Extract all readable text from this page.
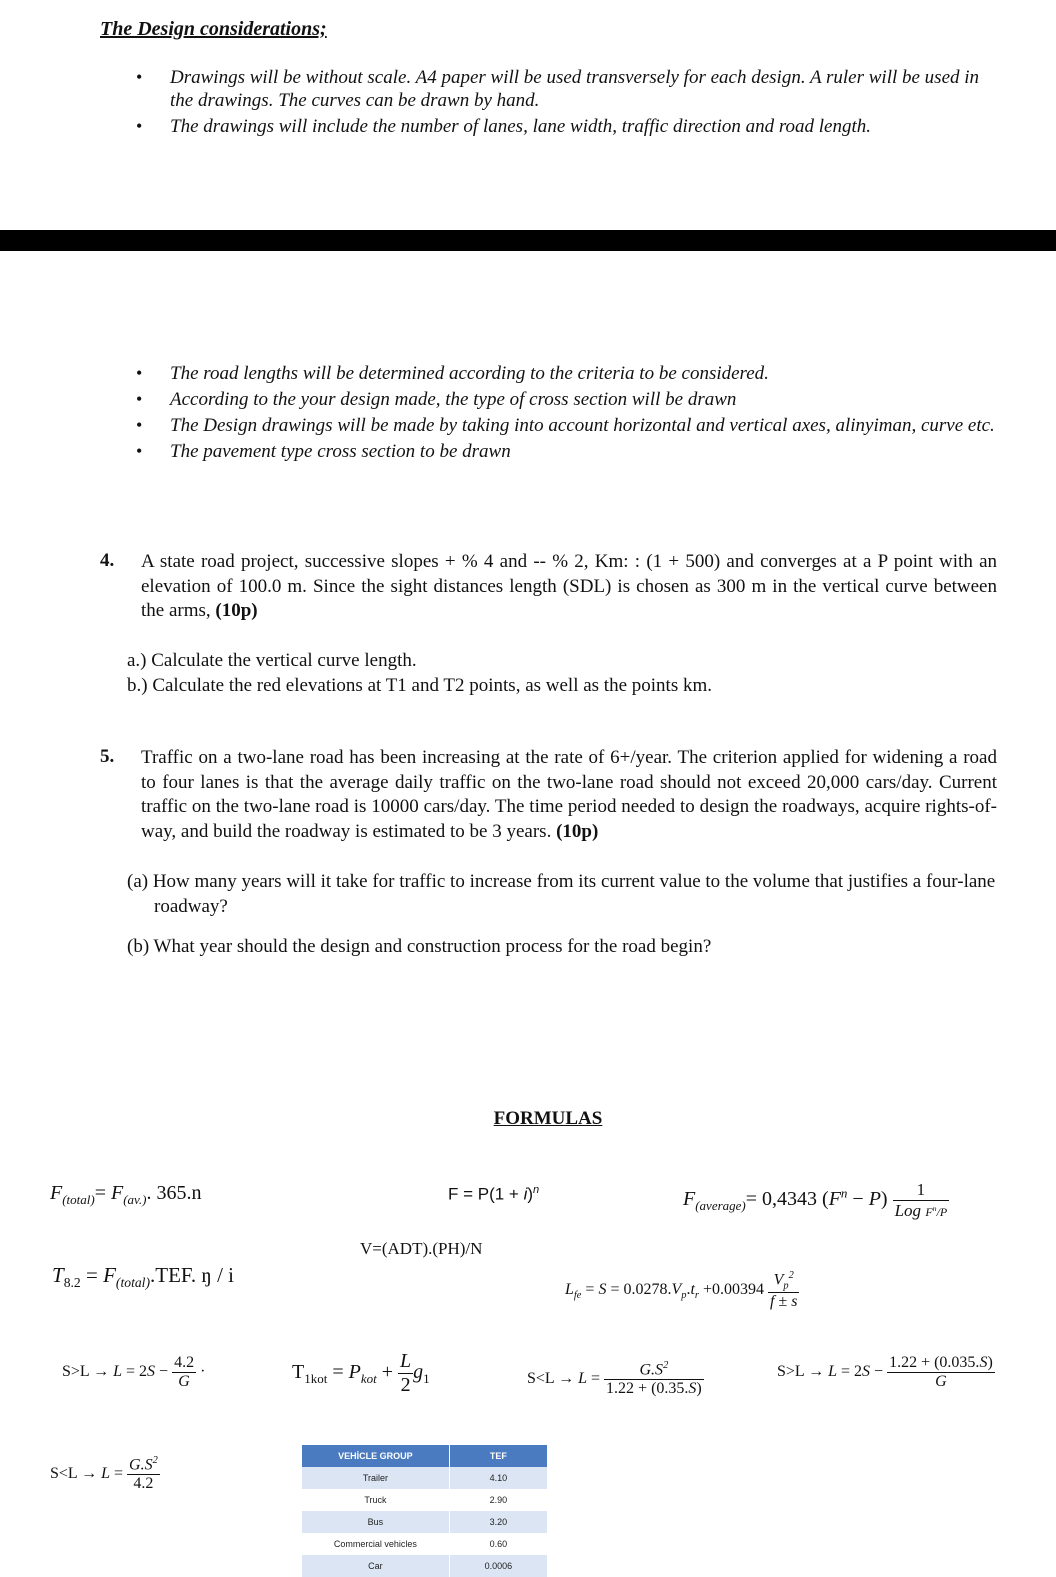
The Design considerations;
• Drawings will be without scale. A4 paper will be used transversely for each design. A ruler will be used in the drawings. The curves can be drawn by hand.
• The drawings will include the number of lanes, lane width, traffic direction and road length.
• The road lengths will be determined according to the criteria to be considered.
• According to the your design made, the type of cross section will be drawn
• The Design drawings will be made by taking into account horizontal and vertical axes, alinyiman, curve etc.
• The pavement type cross section to be drawn
4. A state road project, successive slopes + % 4 and -- % 2, Km: : (1 + 500) and converges at a P point with an elevation of 100.0 m. Since the sight distances length (SDL) is chosen as 300 m in the vertical curve between the arms, (10p)
a.) Calculate the vertical curve length.
b.) Calculate the red elevations at T1 and T2 points, as well as the points km.
5. Traffic on a two-lane road has been increasing at the rate of 6+/year. The criterion applied for widening a road to four lanes is that the average daily traffic on the two-lane road should not exceed 20,000 cars/day. Current traffic on the two-lane road is 10000 cars/day. The time period needed to design the roadways, acquire rights-of-way, and build the roadway is estimated to be 3 years. (10p)
(a) How many years will it take for traffic to increase from its current value to the volume that justifies a four-lane roadway?
(b) What year should the design and construction process for the road begin?
FORMULAS
$F_{(total)}= F_{(av.)}$. 365.n	$F = P(1 + i)^n$	$F_{(average)}= 0,4343$ $(F^n - P) \frac{1}{Log F^n/P}$
V=(ADT).(PH)/N
$T_{8.2} = F_{(total)}.TEF$. ŋ / i
$L_{fe} = S = 0.0278.V_p.t_r +0.00394 \frac{V_p^2}{f \pm s}$
$S>L \to L = 2S - \frac{4.2}{G}$ ·	$T_{1kot} = P_{kot} + \frac{L}{2} g_1$	$S<L \to L = \frac{G.S^2}{1.22 + (0.35.S)}$	$S>L \to L = 2S - \frac{1.22 + (0.035.S)}{G}$
$S<L \to L = \frac{G.S^2}{4.2}$	VEHİCLE GROUP	TEF
Trailer	4.10
Truck	2.90
Bus	3.20
Commercial vehicles	0.60
Car	0.0006
